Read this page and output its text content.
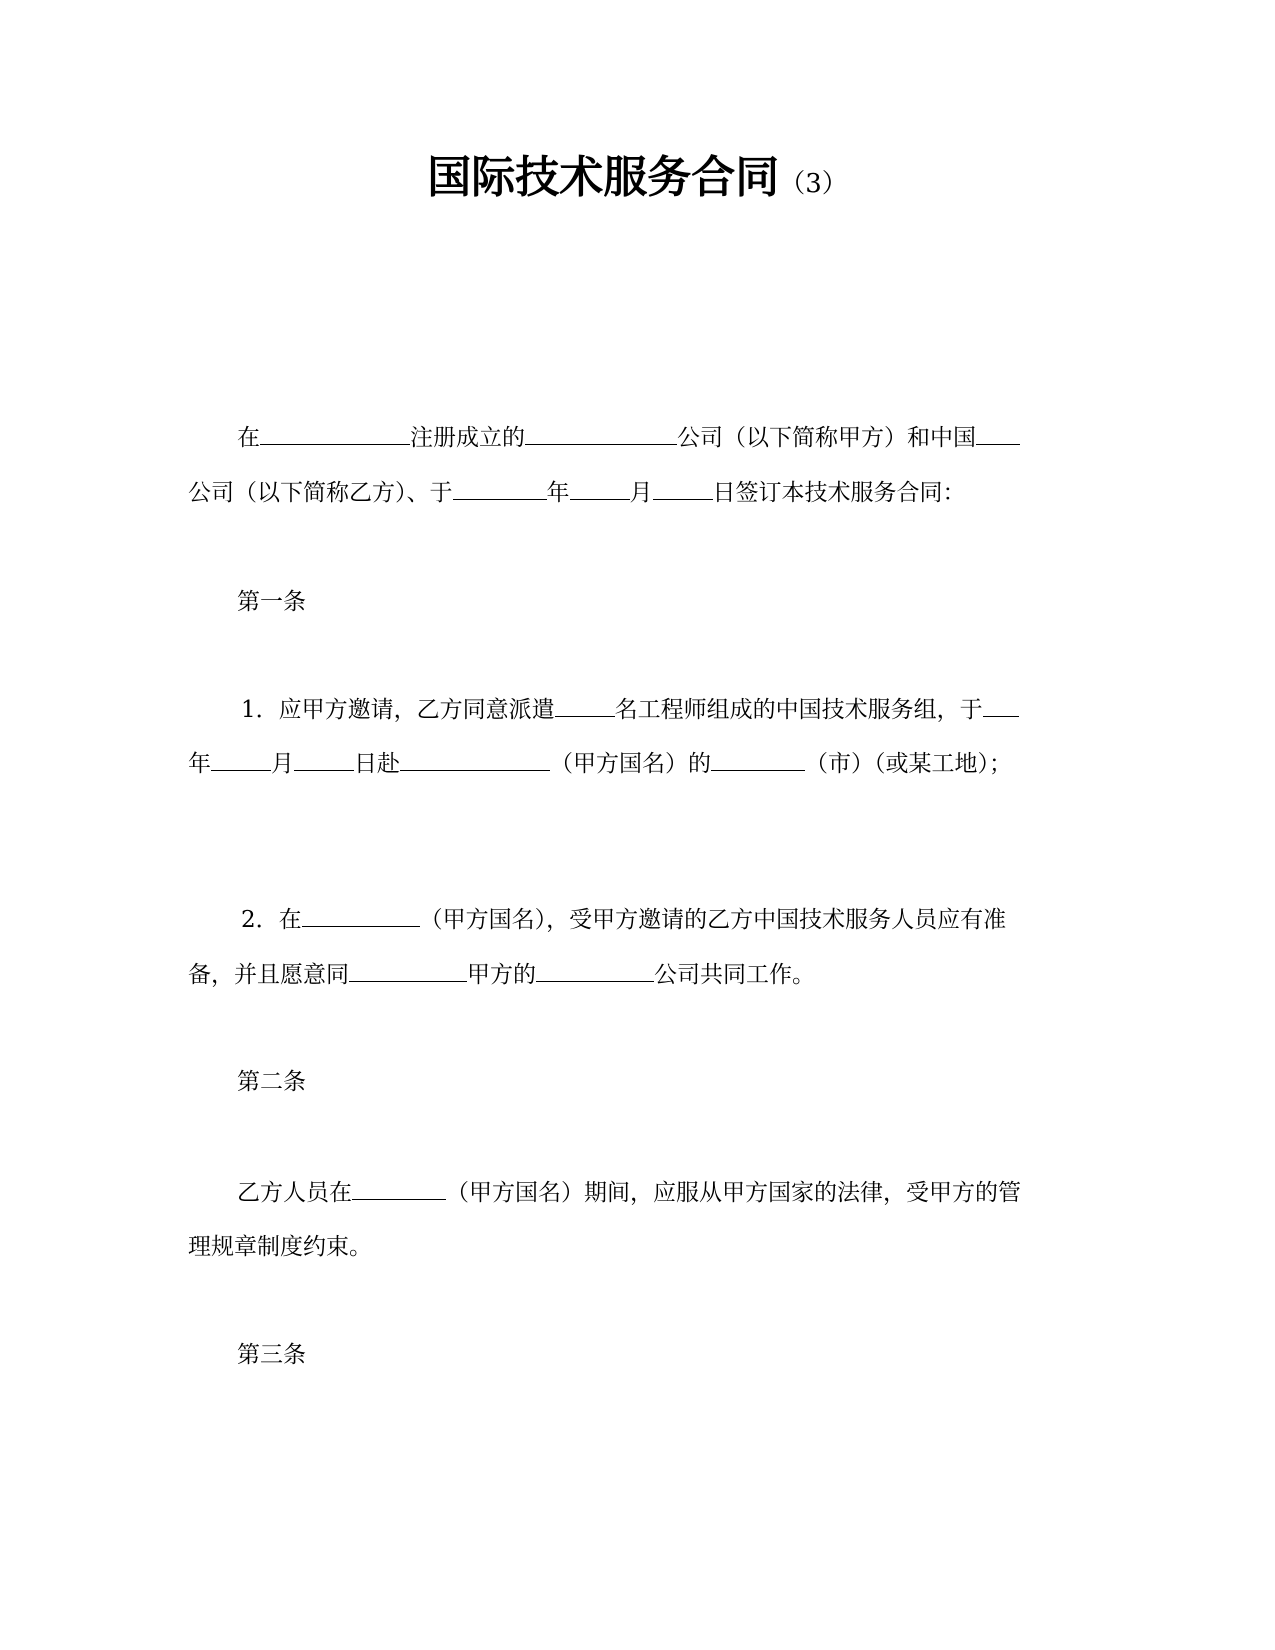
国际技术服务合同（3）
在	注册成立的	公司（以下简称甲方）和中国
公司（以下简称乙方）、于	年	月	日签订本技术服务合同：
第一条
1．应甲方邀请，乙方同意派遣	名工程师组成的中国技术服务组，于
年	月	日赴	（甲方国名）的	（市）（或某工地）；
2．在	（甲方国名），受甲方邀请的乙方中国技术服务人员应有准
备，并且愿意同	甲方的	公司共同工作。
第二条
乙方人员在	（甲方国名）期间，应服从甲方国家的法律，受甲方的管
理规章制度约束。
第三条
